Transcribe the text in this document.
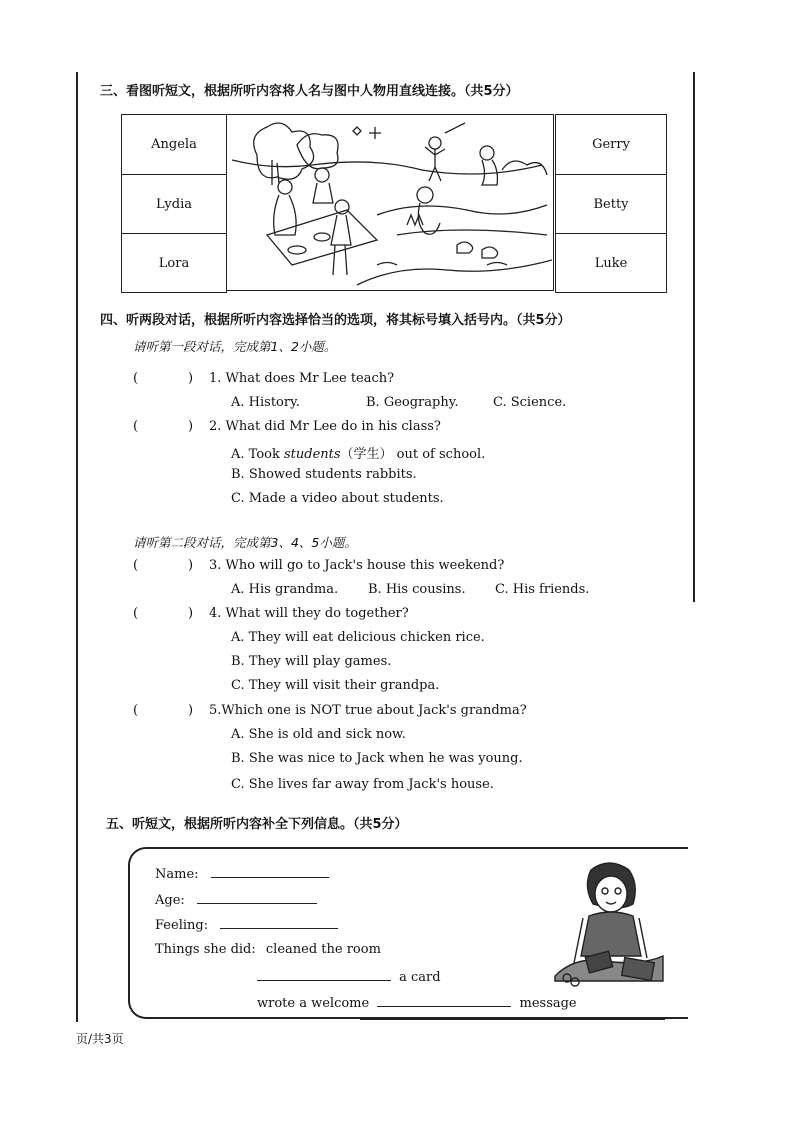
三、看图听短文，根据所听内容将人名与图中人物用直线连接。（共5分）
Angela
Lydia
Lora
Gerry
Betty
Luke
四、听两段对话，根据所听内容选择恰当的选项，将其标号填入括号内。（共5分）
请听第一段对话，完成第1、2小题。
(	) 1. What does Mr Lee teach?
A. History.	B. Geography.	C. Science.
(	) 2. What did Mr Lee do in his class?
A. Took students（学生） out of school.
B. Showed students rabbits.
C. Made a video about students.
请听第二段对话，完成第3、4、5小题。
(	) 3. Who will go to Jack's house this weekend?
A. His grandma. B. His cousins. C. His friends.
(	) 4. What will they do together?
A. They will eat delicious chicken rice.
B. They will play games.
C. They will visit their grandpa.
(	) 5.Which one is NOT true about Jack's grandma?
A. She is old and sick now.
B. She was nice to Jack when he was young.
C. She lives far away from Jack's house.
五、听短文，根据所听内容补全下列信息。（共5分）
Name:
Age:
Feeling:
Things she did: cleaned the room
a card
wrote a welcome	message
页/共3页
